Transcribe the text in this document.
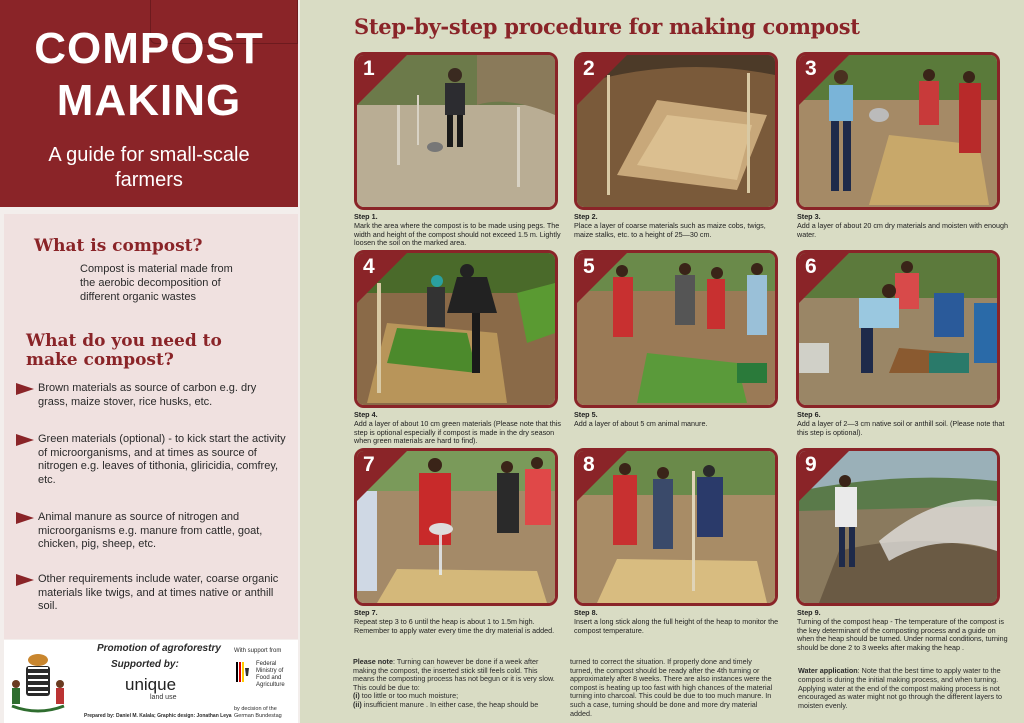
COMPOST
MAKING
A guide for small-scale farmers
What is compost?
Compost is material made from the aerobic decomposition of different organic wastes
What do you need to make compost?
Brown materials as source of carbon e.g. dry grass, maize stover, rice husks, etc.
Green materials (optional) - to kick start the activity of microorganisms, and at times as source of nitrogen e.g. leaves of tithonia, gliricidia, comfrey, etc.
Animal manure as source of nitrogen and microorganisms e.g. manure from cattle, goat, chicken, pig, sheep, etc.
Other requirements include water, coarse organic materials like twigs, and at times native or anthill soil.
Promotion of agroforestry
Supported by:
unique
land use
Prepared by: Daniel M. Kalala; Graphic design: Jonathan Leya
With support from
Federal Ministry of Food and Agriculture
by decision of the German Bundestag
Step-by-step procedure for making compost
1
Step 1.
Mark the area where the compost is to be made using pegs. The width and height of the compost should not exceed 1.5 m. Lightly loosen the soil on the marked area.
2
Step 2.
Place a layer of coarse materials such as maize cobs, twigs, maize stalks, etc. to a height of 25—30 cm.
3
Step 3.
Add a layer of about 20 cm dry materials and moisten with enough water.
4
Step 4.
Add a layer of about 10 cm green materials (Please note that this step is optional especially if compost is made in the dry season when green materials are hard to find).
5
Step 5.
Add a layer of about 5 cm animal manure.
6
Step 6.
Add a layer of 2—3 cm native soil or anthill soil. (Please note that this step is optional).
7
Step 7.
Repeat step 3 to 6 until the heap is about 1 to 1.5m high. Remember to apply water every time the dry material is added.
8
Step 8.
Insert a long stick along the full height of the heap to monitor the compost temperature.
9
Step 9.
Turning of the compost heap - The temperature of the compost is the key determinant of the composting process and a guide on when the heap should be turned. Under normal conditions, turning should be done 2 to 3 weeks after making the heap .
Please note: Turning can however be done if a week after making the compost, the inserted stick still feels cold. This means the composting process has not begun or it is very slow. This could be due to:
(i) too little or too much moisture;
(ii) insufficient manure . In either case, the heap should be
turned to correct the situation. If properly done and timely turned, the compost should be ready after the 4th turning or approximately after 8 weeks. There are also instances were the compost is heating up too fast with high chances of the material turning into charcoal. This could be due to too much manure. In such a case, turning should be done and more dry material added.
Water application: Note that the best time to apply water to the compost is during the initial making process, and when turning. Applying water at the end of the compost making process is not encouraged as water might not go through the different layers to moisten evenly.
